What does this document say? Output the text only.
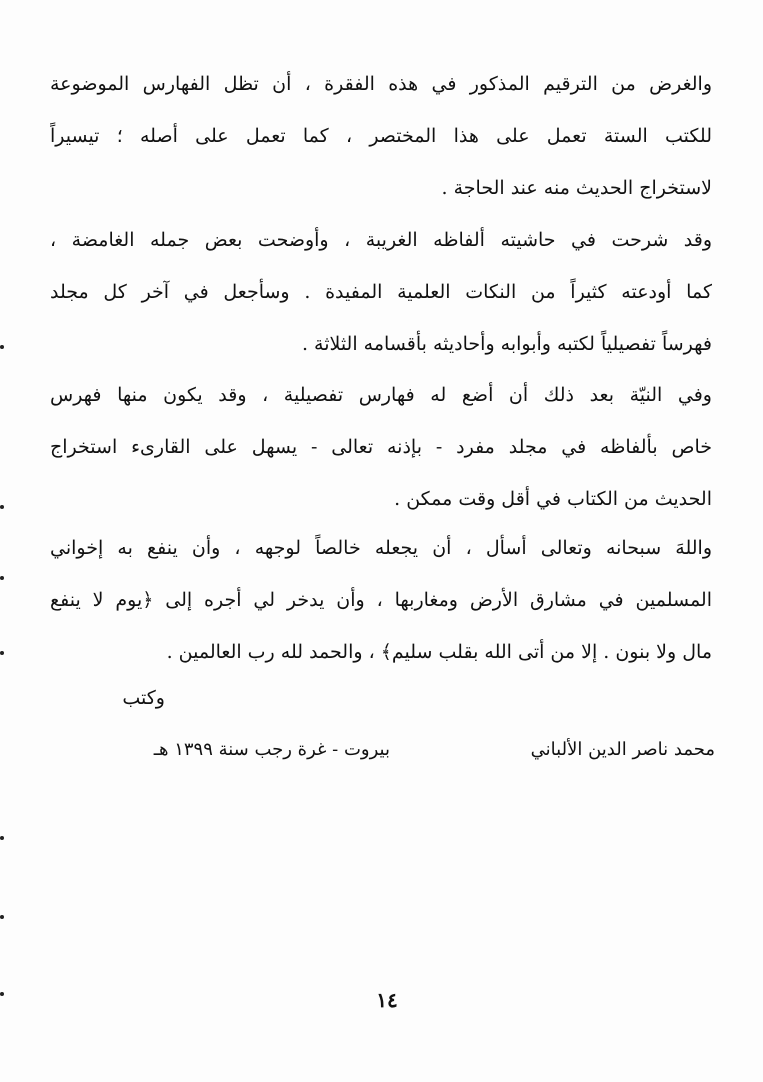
والغرض من الترقيم المذكور في هذه الفقرة ، أن تظل الفهارس الموضوعة
للكتب الستة تعمل على هذا المختصر ، كما تعمل على أصله ؛ تيسيراً
لاستخراج الحديث منه عند الحاجة .
وقد شرحت في حاشيته ألفاظه الغريبة ، وأوضحت بعض جمله الغامضة ،
كما أودعته كثيراً من النكات العلمية المفيدة . وسأجعل في آخر كل مجلد
فهرساً تفصيلياً لكتبه وأبوابه وأحاديثه بأقسامه الثلاثة .
وفي النيّة بعد ذلك أن أضع له فهارس تفصيلية ، وقد يكون منها فهرس
خاص بألفاظه في مجلد مفرد - بإذنه تعالى - يسهل على القارىء استخراج
الحديث من الكتاب في أقل وقت ممكن .
واللهَ سبحانه وتعالى أسأل ، أن يجعله خالصاً لوجهه ، وأن ينفع به إخواني
المسلمين في مشارق الأرض ومغاربها ، وأن يدخر لي أجره إلى ﴿يوم لا ينفع
مال ولا بنون . إلا من أتى الله بقلب سليم﴾ ، والحمد لله رب العالمين .
وكتب
محمد ناصر الدين الألباني
بيروت - غرة رجب سنة ١٣٩٩ هـ
١٤
